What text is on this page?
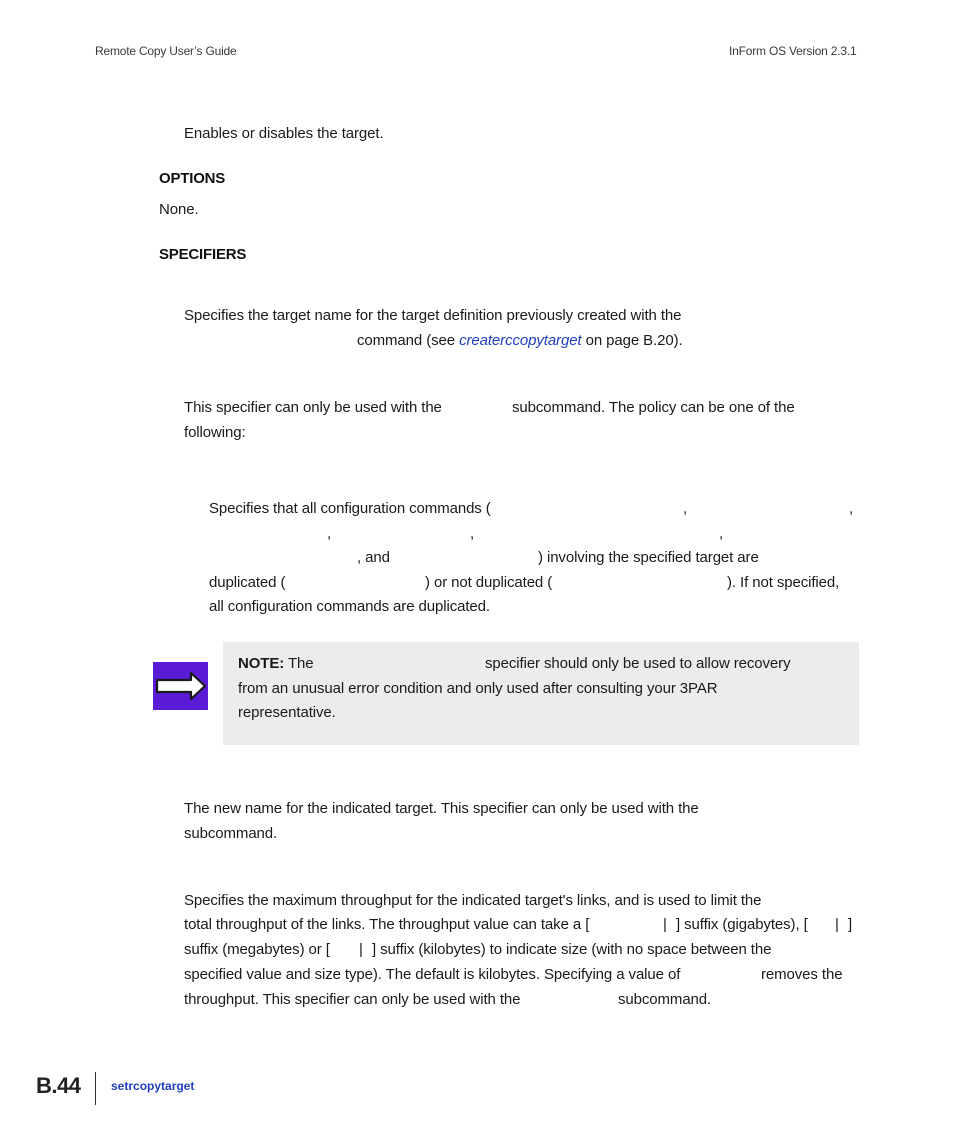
Remote Copy User’s Guide	InForm OS Version 2.3.1
Enables or disables the target.
OPTIONS
None.
SPECIFIERS
Specifies the target name for the target definition previously created with the
command (see createrccopytarget on page B.20).
This specifier can only be used with the	subcommand. The policy can be one of the
following:
Specifies that all configuration commands (	,	,
,	,	,
, and	) involving the specified target are
duplicated (	) or not duplicated (	). If not specified,
all configuration commands are duplicated.
NOTE: The	specifier should only be used to allow recovery
from an unusual error condition and only used after consulting your 3PAR
representative.
The new name for the indicated target. This specifier can only be used with the
subcommand.
Specifies the maximum throughput for the indicated target's links, and is used to limit the
total throughput of the links. The throughput value can take a [	| ] suffix (gigabytes), [ | ]
suffix (megabytes) or [ | ] suffix (kilobytes) to indicate size (with no space between the
specified value and size type). The default is kilobytes. Specifying a value of	removes the
throughput. This specifier can only be used with the	subcommand.
B.44	setrcopytarget
